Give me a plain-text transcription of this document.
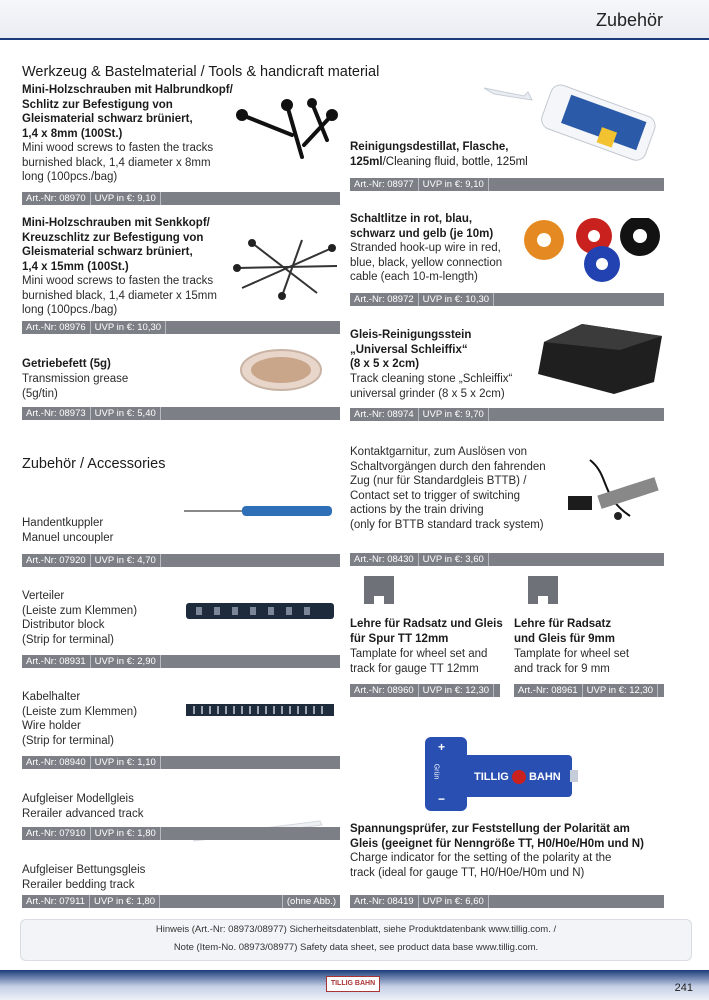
Zubehör
Werkzeug & Bastelmaterial / Tools & handicraft material
Mini-Holzschrauben mit Halbrundkopf/
Schlitz zur Befestigung von
Gleismaterial schwarz brüniert,
1,4 x 8mm (100St.)
Mini wood screws to fasten the tracks
burnished black, 1,4 diameter x 8mm
long (100pcs./bag)
Art.-Nr: 08970 UVP in €: 9,10
Mini-Holzschrauben mit Senkkopf/
Kreuzschlitz zur Befestigung von
Gleismaterial schwarz brüniert,
1,4 x 15mm (100St.)
Mini wood screws to fasten the tracks
burnished black, 1,4 diameter x 15mm
long (100pcs./bag)
Art.-Nr: 08976 UVP in €: 10,30
Getriebefett (5g)
Transmission grease
(5g/tin)
Art.-Nr: 08973 UVP in €: 5,40
Zubehör / Accessories
Handentkuppler
Manuel uncoupler
Art.-Nr: 07920 UVP in €: 4,70
Verteiler
(Leiste zum Klemmen)
Distributor block
(Strip for terminal)
Art.-Nr: 08931 UVP in €: 2,90
Kabelhalter
(Leiste zum Klemmen)
Wire holder
(Strip for terminal)
Art.-Nr: 08940 UVP in €: 1,10
Aufgleiser Modellgleis
Rerailer advanced track
Art.-Nr: 07910 UVP in €: 1,80
Aufgleiser Bettungsgleis
Rerailer bedding track
Art.-Nr: 07911 UVP in €: 1,80	(ohne Abb.)
Reinigungsdestillat, Flasche,
125ml/Cleaning fluid, bottle, 125ml
Art.-Nr: 08977 UVP in €: 9,10
Schaltlitze in rot, blau,
schwarz und gelb (je 10m)
Stranded hook-up wire in red,
blue, black, yellow connection
cable (each 10-m-length)
Art.-Nr: 08972 UVP in €: 10,30
Gleis-Reinigungsstein
„Universal Schleiffix“
(8 x 5 x 2cm)
Track cleaning stone „Schleiffix“
universal grinder (8 x 5 x 2cm)
Art.-Nr: 08974 UVP in €: 9,70
Kontaktgarnitur, zum Auslösen von
Schaltvorgängen durch den fahrenden
Zug (nur für Standardgleis BTTB) /
Contact set to trigger of switching
actions by the train driving
(only for BTTB standard track system)
Art.-Nr: 08430 UVP in €: 3,60
Lehre für Radsatz und Gleis
für Spur TT 12mm
Tamplate for wheel set and
track for gauge TT 12mm
Lehre für Radsatz
und Gleis für 9mm
Tamplate for wheel set
and track for 9 mm
Art.-Nr: 08960 UVP in €: 12,30	Art.-Nr: 08961 UVP in €: 12,30
+
−
Grün	TILLIG BAHN
Spannungsprüfer, zur Feststellung der Polarität am
Gleis (geeignet für Nenngröße TT, H0/H0e/H0m und N)
Charge indicator for the setting of the polarity at the
track (ideal for gauge TT, H0/H0e/H0m und N)
Art.-Nr: 08419 UVP in €: 6,60
Hinweis (Art.-Nr: 08973/08977) Sicherheitsdatenblatt, siehe Produktdatenbank www.tillig.com. /
Note (Item-No. 08973/08977) Safety data sheet, see product data base www.tillig.com.
TILLIG BAHN	241
